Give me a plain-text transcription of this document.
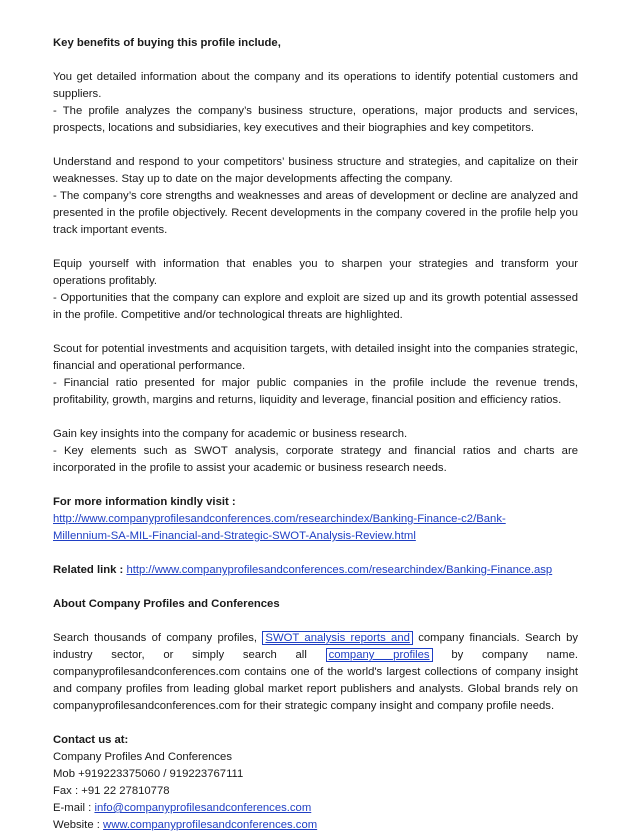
Key benefits of buying this profile include,

You get detailed information about the company and its operations to identify potential customers and suppliers.

- The profile analyzes the company’s business structure, operations, major products and services, prospects, locations and subsidiaries, key executives and their biographies and key competitors.

Understand and respond to your competitors’ business structure and strategies, and capitalize on their weaknesses. Stay up to date on the major developments affecting the company.

- The company’s core strengths and weaknesses and areas of development or decline are analyzed and presented in the profile objectively. Recent developments in the company covered in the profile help you track important events.

Equip yourself with information that enables you to sharpen your strategies and transform your operations profitably.

- Opportunities that the company can explore and exploit are sized up and its growth potential assessed in the profile. Competitive and/or technological threats are highlighted.

Scout for potential investments and acquisition targets, with detailed insight into the companies strategic, financial and operational performance.

- Financial ratio presented for major public companies in the profile include the revenue trends, profitability, growth, margins and returns, liquidity and leverage, financial position and efficiency ratios.

Gain key insights into the company for academic or business research.

- Key elements such as SWOT analysis, corporate strategy and financial ratios and charts are incorporated in the profile to assist your academic or business research needs.

For more information kindly visit :

http://www.companyprofilesandconferences.com/researchindex/Banking-Finance-c2/Bank-
Millennium-SA-MIL-Financial-and-Strategic-SWOT-Analysis-Review.html

Related link : http://www.companyprofilesandconferences.com/researchindex/Banking-Finance.asp

About Company Profiles and Conferences

Search thousands of company profiles, SWOT analysis reports and company financials. Search by industry sector, or simply search all company profiles by company name. companyprofilesandconferences.com contains one of the world's largest collections of company insight and company profiles from leading global market report publishers and analysts. Global brands rely on companyprofilesandconferences.com for their strategic company insight and company profile needs.

Contact us at:

Company Profiles And Conferences

Mob +919223375060 / 919223767111

Fax : +91 22 27810778

E-mail : info@companyprofilesandconferences.com

Website : www.companyprofilesandconferences.com
